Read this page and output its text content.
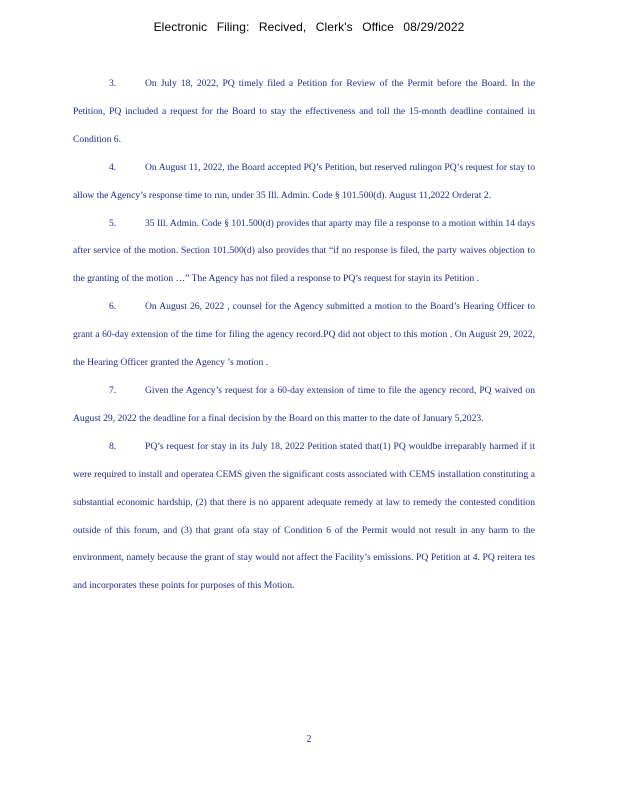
Electronic Filing: Recived, Clerk's Office 08/29/2022

3.	On July 18, 2022, PQ timely filed a Petition for Review of the Permit before the Board. In the Petition, PQ included a request for the Board to stay the effectiveness and toll the 15-month deadline contained in Condition 6.

4.	On August 11, 2022, the Board accepted PQ’s Petition, but reserved rulingon PQ’s request for stay to allow the Agency’s response time to run, under 35 Ill. Admin. Code § 101.500(d). August 11,2022 Orderat 2.

5.	35 Ill. Admin. Code § 101.500(d) provides that aparty may file a response to a motion within 14 days after service of the motion. Section 101.500(d) also provides that “if no response is filed, the party waives objection to the granting of the motion …” The Agency has not filed a response to PQ’s request for stayin its Petition .

6.	On August 26, 2022 , counsel for the Agency submitted a motion to the Board’s Hearing Officer to grant a 60-day extension of the time for filing the agency record.PQ did not object to this motion . On August 29, 2022, the Hearing Officer granted the Agency ’s motion .

7.	Given the Agency’s request for a 60-day extension of time to file the agency record, PQ waived on August 29, 2022 the deadline for a final decision by the Board on this matter to the date of January 5,2023.

8.	PQ’s request for stay in its July 18, 2022 Petition stated that(1) PQ wouldbe irreparably harmed if it were required to install and operatea CEMS given the significant costs associated with CEMS installation constituting a substantial economic hardship, (2) that there is no apparent adequate remedy at law to remedy the contested condition outside of this forum, and (3) that grant ofa stay of Condition 6 of the Permit would not result in any harm to the environment, namely because the grant of stay would not affect the Facility’s emissions. PQ Petition at 4. PQ reitera tes and incorporates these points for purposes of this Motion.

2
